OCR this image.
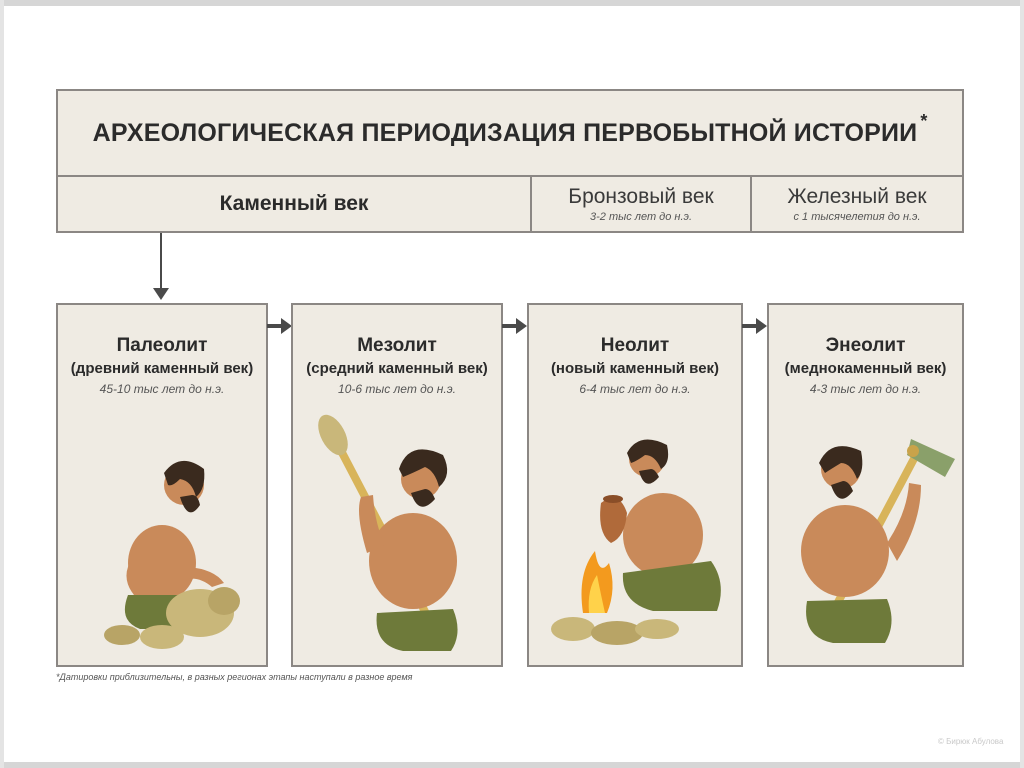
АРХЕОЛОГИЧЕСКАЯ ПЕРИОДИЗАЦИЯ ПЕРВОБЫТНОЙ ИСТОРИИ *
Каменный век	Бронзовый век
3-2 тыс лет до н.э.
Железный век
с 1 тысячелетия до н.э.
Палеолит
(древний каменный век)
45-10 тыс лет до н.э.
Мезолит
(средний каменный век)
10-6 тыс лет до н.э.
Неолит
(новый каменный век)
6-4 тыс лет до н.э.
Энеолит
(меднокаменный век)
4-3 тыс лет до н.э.
*Датировки приблизительны, в разных регионах этапы наступали в разное время
© Бирюк Абулова
